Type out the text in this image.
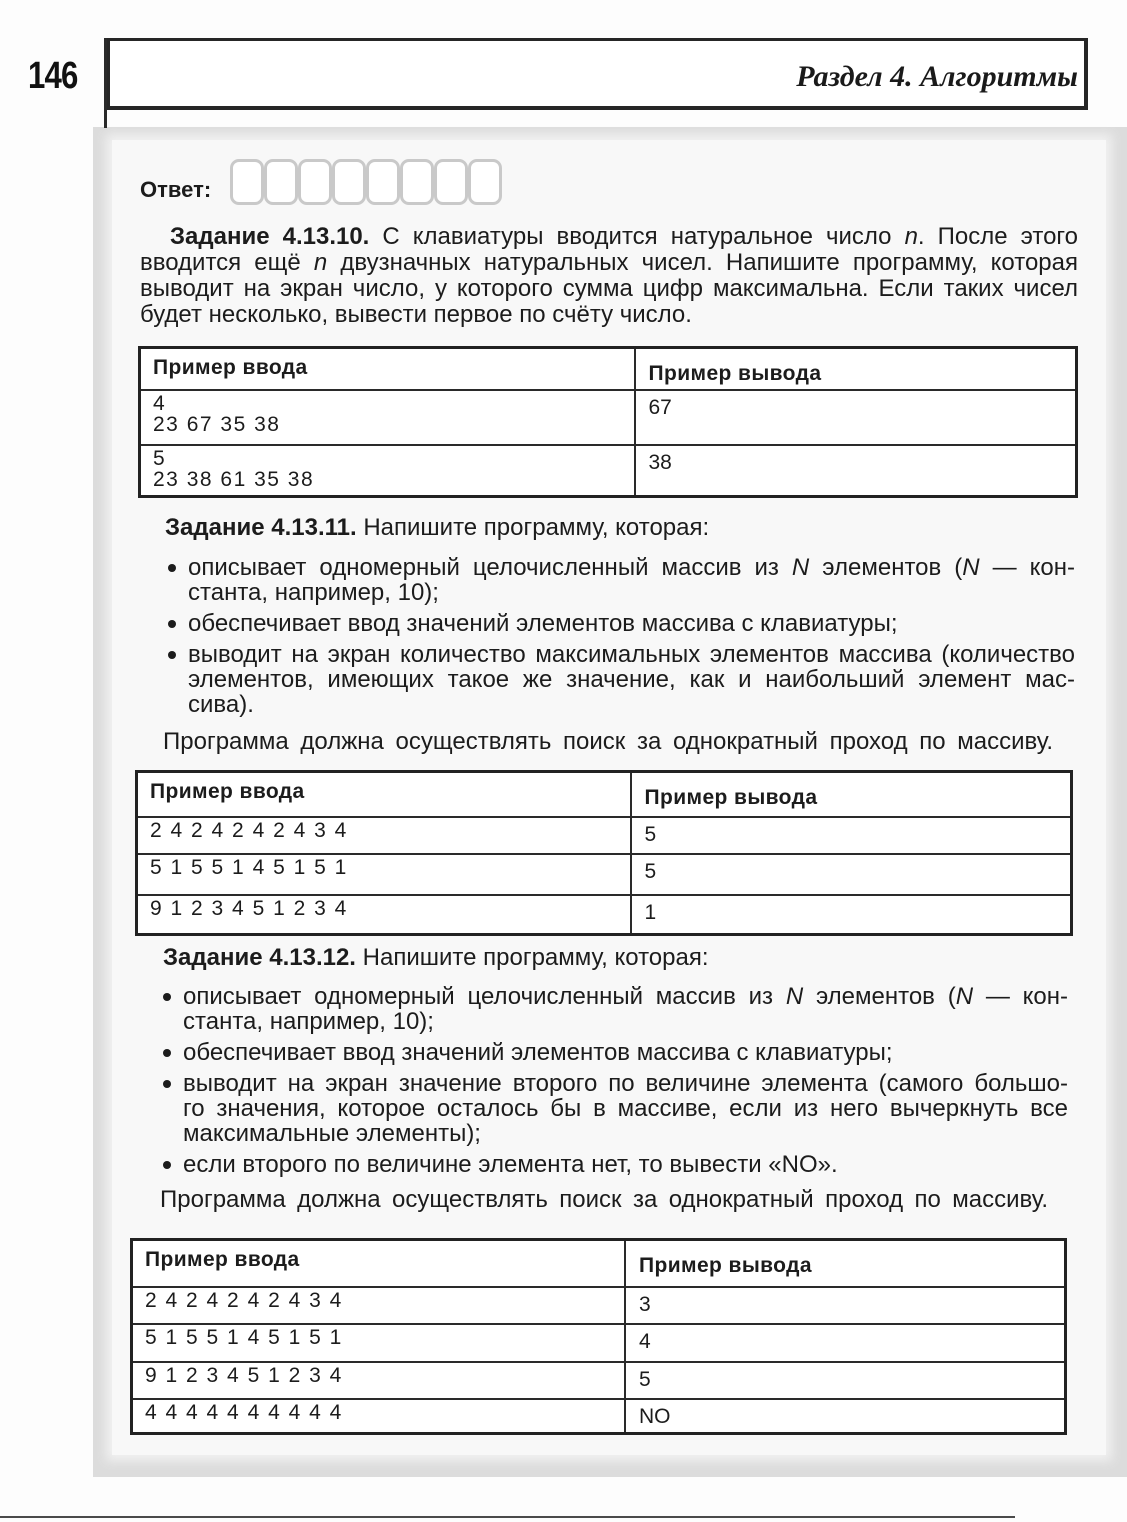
146	Раздел 4. Алгоритмы
Ответ:
Задание 4.13.10. С клавиатуры вводится натуральное число n. После этого
вводится ещё n двузначных натуральных чисел. Напишите программу, которая
выводит на экран число, у которого сумма цифр максимальна. Если таких чисел
будет несколько, вывести первое по счёту число.
Пример ввода	Пример вывода

4
23 67 35 38	67

5
23 38 61 35 38	38
Задание 4.13.11. Напишите программу, которая:
описывает одномерный целочисленный массив из N элементов (N — кон-
станта, например, 10);
обеспечивает ввод значений элементов массива с клавиатуры;
выводит на экран количество максимальных элементов массива (количество
элементов, имеющих такое же значение, как и наибольший элемент мас-
сива).
Программа должна осуществлять поиск за однократный проход по массиву.
Пример ввода	Пример вывода

2 4 2 4 2 4 2 4 3 4	5

5 1 5 5 1 4 5 1 5 1	5

9 1 2 3 4 5 1 2 3 4	1
Задание 4.13.12. Напишите программу, которая:
описывает одномерный целочисленный массив из N элементов (N — кон-
станта, например, 10);
обеспечивает ввод значений элементов массива с клавиатуры;
выводит на экран значение второго по величине элемента (самого большо-
го значения, которое осталось бы в массиве, если из него вычеркнуть все
максимальные элементы);
если второго по величине элемента нет, то вывести «NO».
Программа должна осуществлять поиск за однократный проход по массиву.
Пример ввода	Пример вывода

2 4 2 4 2 4 2 4 3 4	3

5 1 5 5 1 4 5 1 5 1	4

9 1 2 3 4 5 1 2 3 4	5

4 4 4 4 4 4 4 4 4 4	NO
